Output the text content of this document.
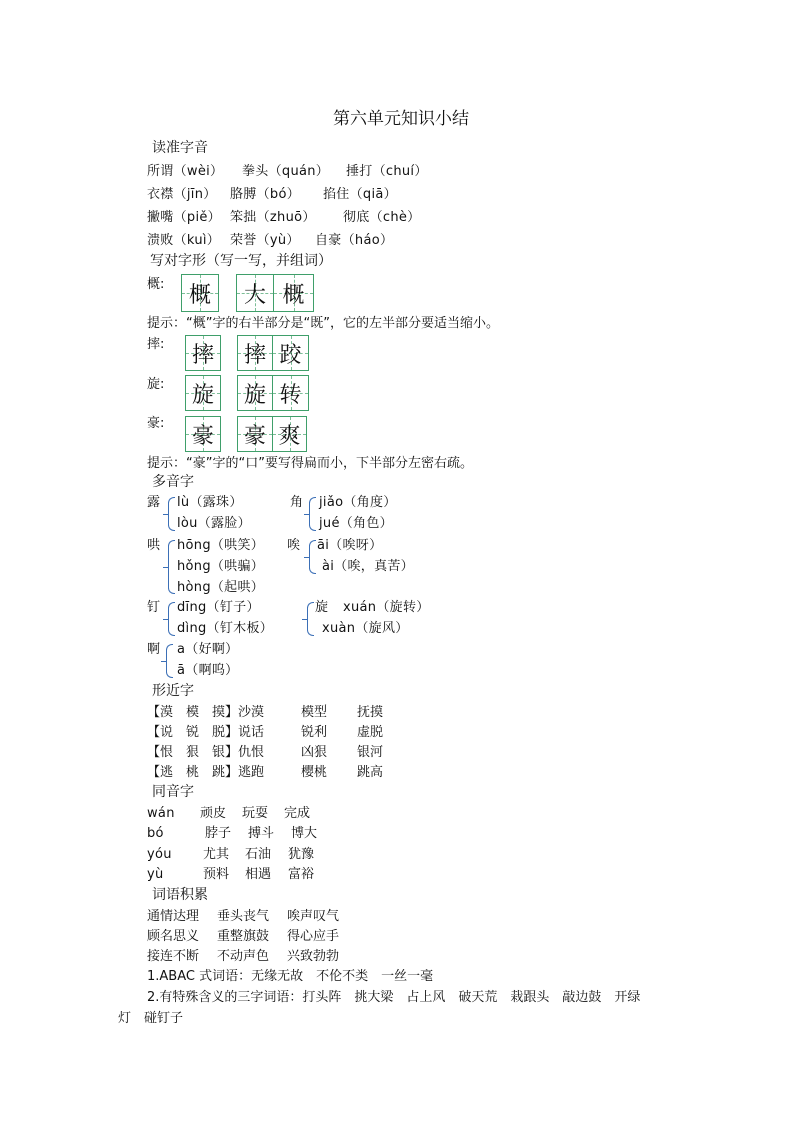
第六单元知识小结
读准字音
所谓（wèi） 拳头（quán） 捶打（chuí）
衣襟（jīn） 胳膊（bó） 掐住（qiā）
撇嘴（piě） 笨拙（zhuō） 彻底（chè）
溃败（kuì） 荣誉（yù） 自豪（háo）
写对字形（写一写，并组词）
概: 概 大 概
提示：“概”字的右半部分是“既”，它的左半部分要适当缩小。
摔: 摔 摔 跤
旋: 旋 旋 转
豪: 豪 豪 爽
提示：“豪”字的“口”要写得扁而小，下半部分左密右疏。
多音字
露 lù（露珠）
lòu（露脸）
角 jiǎo（角度）
jué（角色）
哄 hōng（哄笑）
hǒng（哄骗）
hòng（起哄）
唉 āi（唉呀）
ài（唉，真苦）
钉 dīng（钉子）
dìng（钉木板）
旋 xuán（旋转）
xuàn（旋风）
啊 a（好啊）
ā（啊呜）
形近字
【漠　模　摸】沙漠	模型 抚摸
【说　锐　脱】说话	锐利 虚脱
【恨　狠　银】仇恨	凶狠 银河
【逃　桃　跳】逃跑	樱桃 跳高
同音字
wán 顽皮 玩耍 完成
bó	脖子 搏斗 博大
yóu 尤其 石油 犹豫
yù	预料 相遇 富裕
词语积累
通情达理 垂头丧气 唉声叹气
顾名思义 重整旗鼓 得心应手
接连不断 不动声色 兴致勃勃
1.ABAC 式词语：无缘无故　不伦不类　一丝一毫
2.有特殊含义的三字词语：打头阵　挑大梁　占上风　破天荒　栽跟头　敲边鼓　开绿
灯　碰钉子
